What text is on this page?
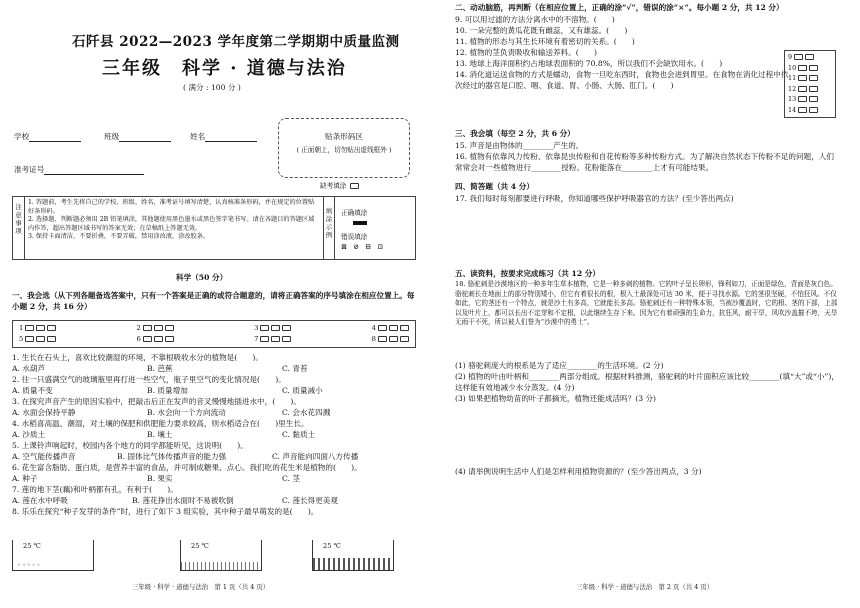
石阡县 2022—2023 学年度第二学期期中质量监测
三年级　科学 · 道德与法治
( 满分 : 100 分 )
学校	班级	姓名
准考证号
贴条形码区
( 正面朝上，切勿贴出虚线框外 )
缺考填涂
注意事项
1. 答题前，考生先将自己的学校、班级、姓名、准考证号填写清楚，认真核准条形码，并在规定的位置贴好条形码。
2. 选择题、判断题必须用 2B 铅笔填涂，其他题使用黑色墨水或黑色签字笔书写。请在各题目的答题区域内作答，超出答题区域书写的答案无效；在草稿纸上答题无效。
3. 保持卡面清洁，不要折叠，不要弄破，禁用涂改液，涂改胶条。
填涂示例
正确填涂
错误填涂
⊠ ⊘ ⊟ ⊡
科学（50 分）
一、我会选（从下列各题备选答案中，只有一个答案是正确的或符合题意的，请将正确答案的序号填涂在相应位置上。每小题 2 分，共 16 分）
1	2	3	4
5	6	7	8
1. 生长在石头上，喜欢比较潮湿的环境，不靠根吸收水分的植物是(　　)。
A. 水葫芦	B. 芭蕉	C. 青苔
2. 往一只盛满空气的玻璃瓶里再打进一些空气，瓶子里空气的变化情况是(　　)。
A. 质量不变	B. 质量增加	C. 质量减小
3. 在探究声音产生的原因实验中，把敲击后正在发声的音叉慢慢地插进水中，(　　)。
A. 水面会保持平静	B. 水会向一个方向流动	C. 会水花四溅
4. 水稻喜高温、潮湿，对土壤的保肥和供肥能力要求较高，则水稻适合在(　　)里生长。
A. 沙质土	B. 壤土	C. 黏质土
5. 上课铃声响起时，校园内各个地方的同学都能听见，这说明(　　)。
A. 空气能传播声音	B. 固体比气体传播声音的能力强	C. 声音能向四面八方传播
6. 花生富含脂肪、蛋白质，是营养丰富的食品，并可制成糖果、点心。我们吃的花生米是植物的(　　)。
A. 种子	B. 果实	C. 茎
7. 莲的地下茎(藕)和叶柄都有孔，有利于(　　)。
A. 莲在水中呼吸	B. 莲花挣出水面时不易被吹倒	C. 莲长得更美观
8. 乐乐在探究“种子发芽的条件”时，进行了如下 3 组实验，其中种子最早萌发的是(　　)。
25 ℃
◦◦◦◦◦
25 ℃	25 ℃
三年级 · 科学 · 道德与法治　第 1 页（共 4 页）
二、动动脑筋，再判断（在相应位置上，正确的涂“√”，错误的涂“×”。每小题 2 分，共 12 分）
9. 可以用过滤的方法分离水中的不溶物。(　　)
10. 一朵完整的黄瓜花既有雌蕊，又有雄蕊。(　　)
11. 植物的形态与其生长环境有着密切的关系。(　　)
12. 植物的茎负责吸收和输送养料。(　　)
13. 地球上海洋面积约占地球表面积的 70.8%，所以我们不会缺饮用水。(　　)
14. 消化道运送食物的方式是蠕动，食物一旦吃东西时，食物也会进到胃里。在食物在消化过程中依次经过的器官是口腔、咽、食道、胃、小肠、大肠、肛门。(　　)
9
10
11
12
13
14
三、我会填（每空 2 分，共 6 分）
15. 声音是由物体的________产生的。
16. 植物有依靠风力传粉、依靠昆虫传粉和自花传粉等多种传粉方式。为了解决自然状态下传粉不足的问题，人们常常会对一些植物进行________授粉。花粉能落在________上才有可能结果。
四、简答题（共 4 分）
17. 我们每时每刻都要进行呼吸，你知道哪些保护呼吸器官的方法？(至少答出两点)
五、读资料，按要求完成练习（共 12 分）
18. 骆驼刺是沙漠地区的一种多年生草本植物，它是一种多刺的植物。它的叶子呈长卵形，锋利如刀，正面是绿色，背面是灰白色。骆驼刺长在地面上的部分特别矮小，但它有着很长的根，根入土最深处可达 30 米，便于寻找水源。它的茎很坚硬，不怕狂风。不仅如此，它的茎还有一个特点，就是沙土有多高，它就能长多高。骆驼刺还有一种特殊本领，当被沙覆盖时，它的根、茎的下部，上部以及叶片上，都可以长出不定芽和不定根，以此继续生存下来。因为它有着顽强的生命力，抗狂风，耐干旱，风吹沙盖摧不垮，天旱无雨干不死，所以被人们誉为“沙漠中的勇士”。
(1) 骆驼刺庞大的根系是为了适应________的生活环境。(2 分)
(2) 植物的叶由叶柄和________两部分组成。根据材料推测，骆驼刺的叶片面积应该比较________(填“大”或“小”)，这样能有效地减少水分蒸发。(4 分)
(3) 如果把植物幼苗的叶子都摘光，植物还能成活吗？(3 分)
(4) 请举例说明生活中人们是怎样利用植物资源的？(至少答出两点，3 分)
三年级 · 科学 · 道德与法治　第 2 页（共 4 页）
